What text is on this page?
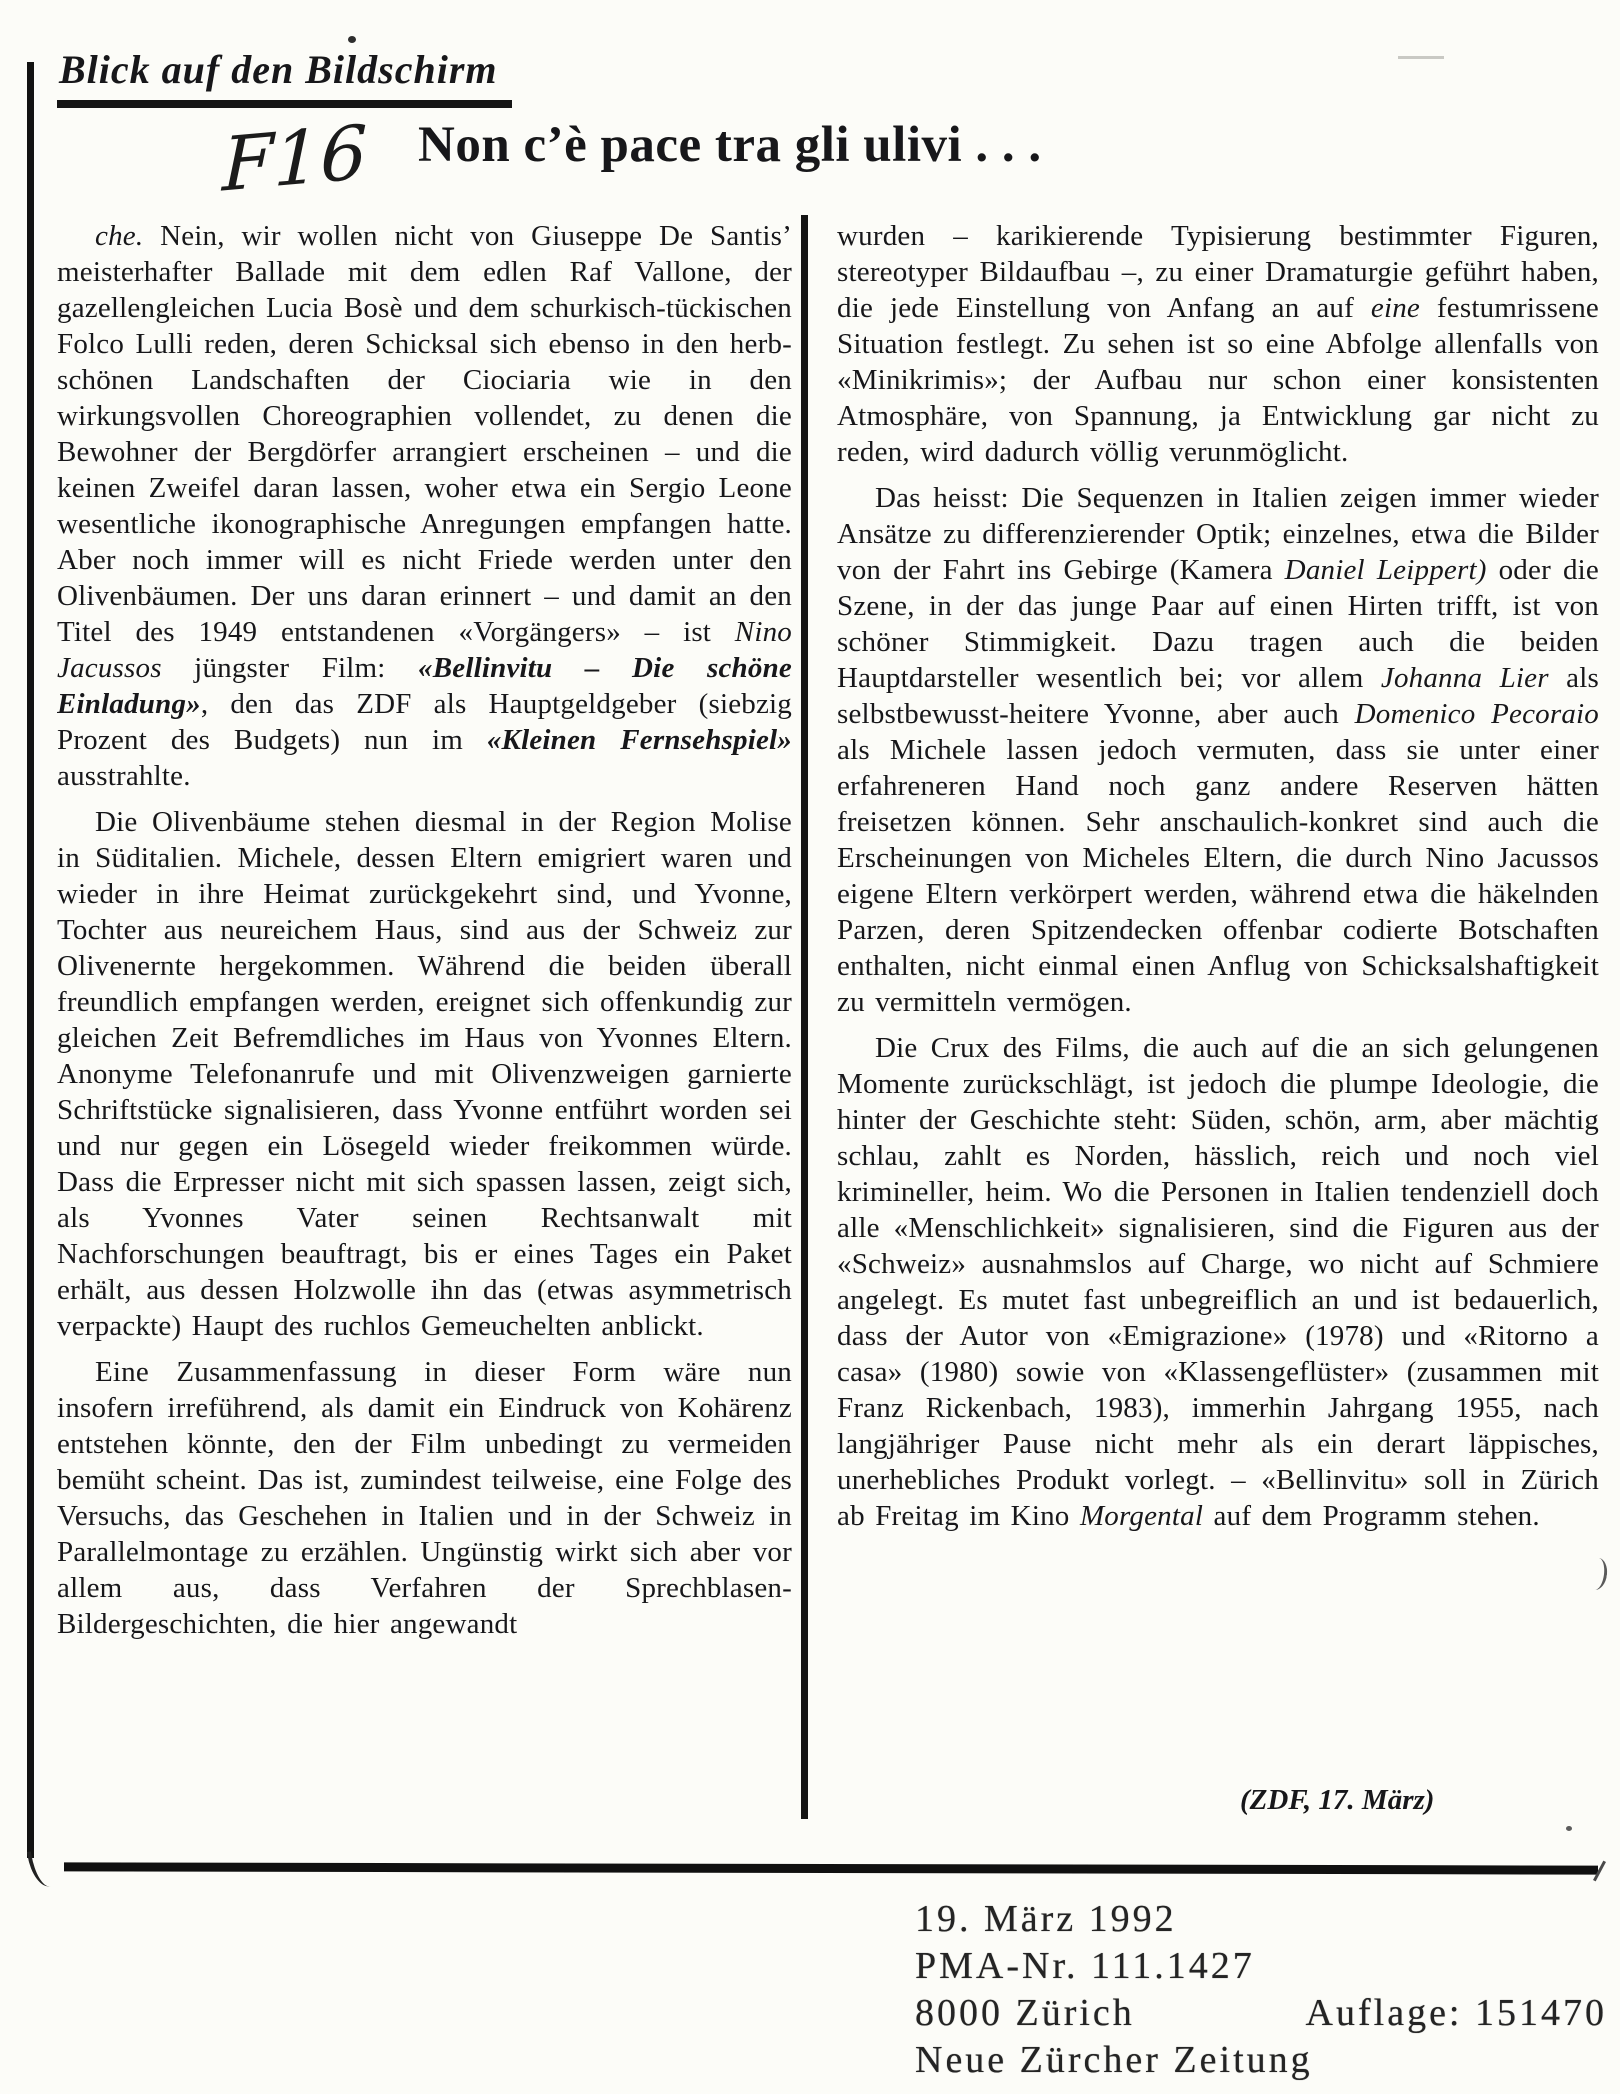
Blick auf den Bildschirm
F16 Non c’è pace tra gli ulivi . . .

che. Nein, wir wollen nicht von Giuseppe De Santis’ meisterhafter Ballade mit dem edlen Raf Vallone, der gazellengleichen Lucia Bosè und dem schurkisch-tückischen Folco Lulli reden, deren Schicksal sich ebenso in den herb-schönen Landschaften der Ciociaria wie in den wirkungsvollen Choreographien vollendet, zu denen die Bewohner der Bergdörfer arrangiert erscheinen – und die keinen Zweifel daran lassen, woher etwa ein Sergio Leone wesentliche ikonographische Anregungen empfangen hatte. Aber noch immer will es nicht Friede werden unter den Olivenbäumen. Der uns daran erinnert – und damit an den Titel des 1949 entstandenen «Vorgängers» – ist Nino Jacussos jüngster Film: «Bellinvitu – Die schöne Einladung», den das ZDF als Hauptgeldgeber (siebzig Prozent des Budgets) nun im «Kleinen Fernsehspiel» ausstrahlte.

Die Olivenbäume stehen diesmal in der Region Molise in Süditalien. Michele, dessen Eltern emigriert waren und wieder in ihre Heimat zurückgekehrt sind, und Yvonne, Tochter aus neureichem Haus, sind aus der Schweiz zur Olivenernte hergekommen. Während die beiden überall freundlich empfangen werden, ereignet sich offenkundig zur gleichen Zeit Befremdliches im Haus von Yvonnes Eltern. Anonyme Telefonanrufe und mit Olivenzweigen garnierte Schriftstücke signalisieren, dass Yvonne entführt worden sei und nur gegen ein Lösegeld wieder freikommen würde. Dass die Erpresser nicht mit sich spassen lassen, zeigt sich, als Yvonnes Vater seinen Rechtsanwalt mit Nachforschungen beauftragt, bis er eines Tages ein Paket erhält, aus dessen Holzwolle ihn das (etwas asymmetrisch verpackte) Haupt des ruchlos Gemeuchelten anblickt.

Eine Zusammenfassung in dieser Form wäre nun insofern irreführend, als damit ein Eindruck von Kohärenz entstehen könnte, den der Film unbedingt zu vermeiden bemüht scheint. Das ist, zumindest teilweise, eine Folge des Versuchs, das Geschehen in Italien und in der Schweiz in Parallelmontage zu erzählen. Ungünstig wirkt sich aber vor allem aus, dass Verfahren der Sprechblasen-Bildergeschichten, die hier angewandt

wurden – karikierende Typisierung bestimmter Figuren, stereotyper Bildaufbau –, zu einer Dramaturgie geführt haben, die jede Einstellung von Anfang an auf eine festumrissene Situation festlegt. Zu sehen ist so eine Abfolge allenfalls von «Minikrimis»; der Aufbau nur schon einer konsistenten Atmosphäre, von Spannung, ja Entwicklung gar nicht zu reden, wird dadurch völlig verunmöglicht.

Das heisst: Die Sequenzen in Italien zeigen immer wieder Ansätze zu differenzierender Optik; einzelnes, etwa die Bilder von der Fahrt ins Gebirge (Kamera Daniel Leippert) oder die Szene, in der das junge Paar auf einen Hirten trifft, ist von schöner Stimmigkeit. Dazu tragen auch die beiden Hauptdarsteller wesentlich bei; vor allem Johanna Lier als selbstbewusst-heitere Yvonne, aber auch Domenico Pecoraio als Michele lassen jedoch vermuten, dass sie unter einer erfahreneren Hand noch ganz andere Reserven hätten freisetzen können. Sehr anschaulich-konkret sind auch die Erscheinungen von Micheles Eltern, die durch Nino Jacussos eigene Eltern verkörpert werden, während etwa die häkelnden Parzen, deren Spitzendecken offenbar codierte Botschaften enthalten, nicht einmal einen Anflug von Schicksalshaftigkeit zu vermitteln vermögen.

Die Crux des Films, die auch auf die an sich gelungenen Momente zurückschlägt, ist jedoch die plumpe Ideologie, die hinter der Geschichte steht: Süden, schön, arm, aber mächtig schlau, zahlt es Norden, hässlich, reich und noch viel krimineller, heim. Wo die Personen in Italien tendenziell doch alle «Menschlichkeit» signalisieren, sind die Figuren aus der «Schweiz» ausnahmslos auf Charge, wo nicht auf Schmiere angelegt. Es mutet fast unbegreiflich an und ist bedauerlich, dass der Autor von «Emigrazione» (1978) und «Ritorno a casa» (1980) sowie von «Klassengeflüster» (zusammen mit Franz Rickenbach, 1983), immerhin Jahrgang 1955, nach langjähriger Pause nicht mehr als ein derart läppisches, unerhebliches Produkt vorlegt. – «Bellinvitu» soll in Zürich ab Freitag im Kino Morgental auf dem Programm stehen.

(ZDF, 17. März)
19. März 1992
PMA-Nr. 111.1427
8000 Zürich	Auflage: 151470
Neue Zürcher Zeitung
